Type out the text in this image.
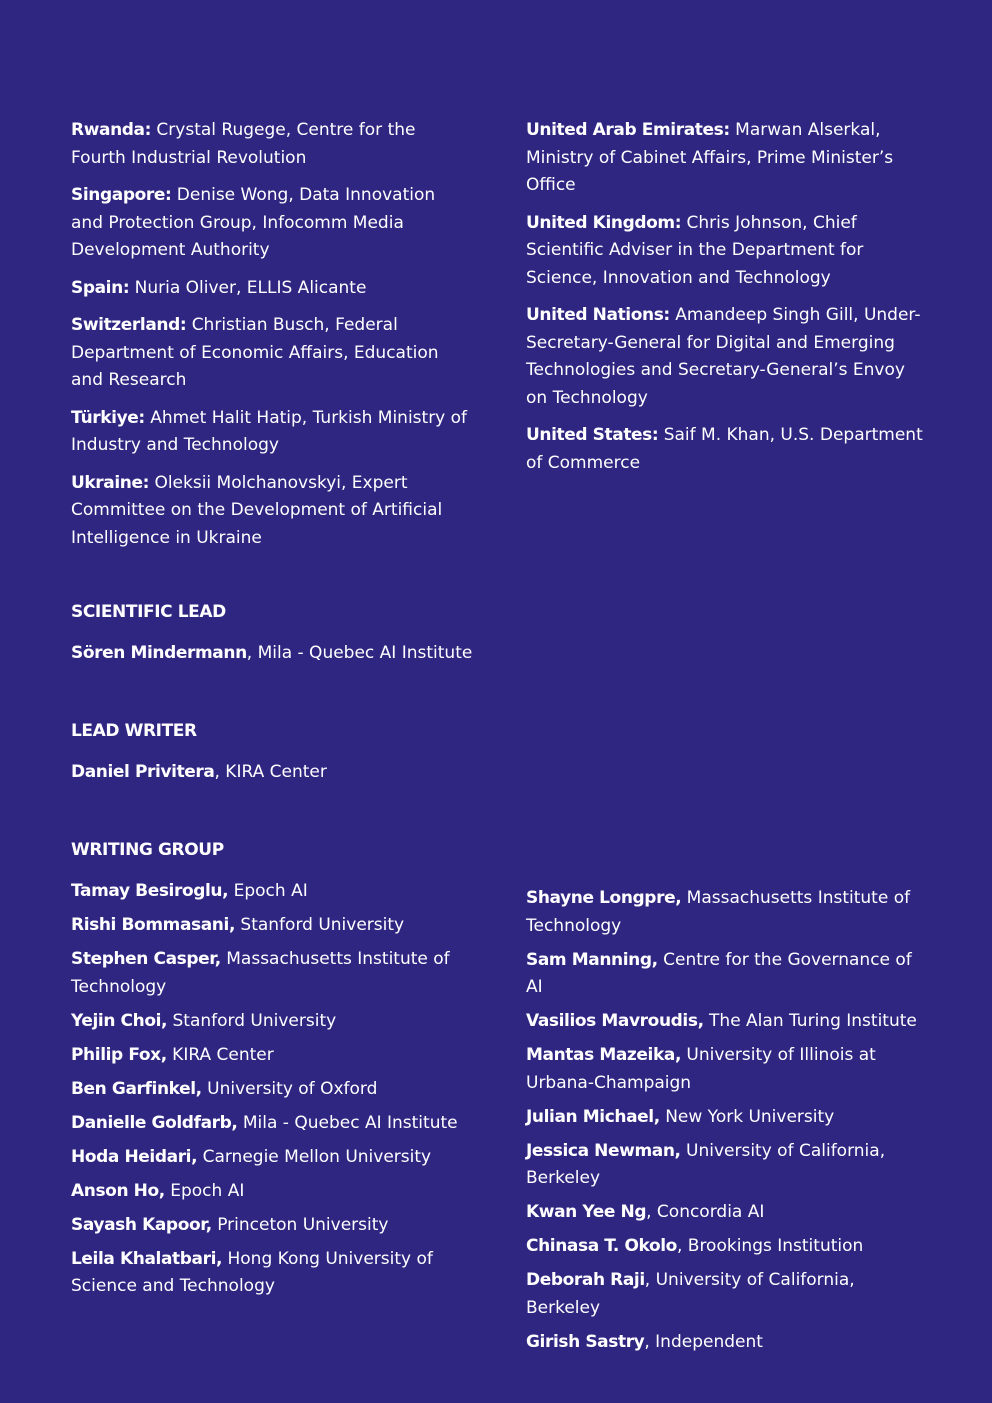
Rwanda: Crystal Rugege, Centre for the Fourth Industrial Revolution
Singapore: Denise Wong, Data Innovation and Protection Group, Infocomm Media Development Authority
Spain: Nuria Oliver, ELLIS Alicante
Switzerland: Christian Busch, Federal Department of Economic Affairs, Education and Research
Türkiye: Ahmet Halit Hatip, Turkish Ministry of Industry and Technology
Ukraine: Oleksii Molchanovskyi, Expert Committee on the Development of Artificial Intelligence in Ukraine
United Arab Emirates: Marwan Alserkal, Ministry of Cabinet Affairs, Prime Minister’s Office
United Kingdom: Chris Johnson, Chief Scientific Adviser in the Department for Science, Innovation and Technology
United Nations: Amandeep Singh Gill, Under-Secretary-General for Digital and Emerging Technologies and Secretary-General’s Envoy on Technology
United States: Saif M. Khan, U.S. Department of Commerce
SCIENTIFIC LEAD
Sören Mindermann, Mila - Quebec AI Institute
LEAD WRITER
Daniel Privitera, KIRA Center
WRITING GROUP
Tamay Besiroglu, Epoch AI
Rishi Bommasani, Stanford University
Stephen Casper, Massachusetts Institute of Technology
Yejin Choi, Stanford University
Philip Fox, KIRA Center
Ben Garfinkel, University of Oxford
Danielle Goldfarb, Mila - Quebec AI Institute
Hoda Heidari, Carnegie Mellon University
Anson Ho, Epoch AI
Sayash Kapoor, Princeton University
Leila Khalatbari, Hong Kong University of Science and Technology
Shayne Longpre, Massachusetts Institute of Technology
Sam Manning, Centre for the Governance of AI
Vasilios Mavroudis, The Alan Turing Institute
Mantas Mazeika, University of Illinois at Urbana-Champaign
Julian Michael, New York University
Jessica Newman, University of California, Berkeley
Kwan Yee Ng, Concordia AI
Chinasa T. Okolo, Brookings Institution
Deborah Raji, University of California, Berkeley
Girish Sastry, Independent
